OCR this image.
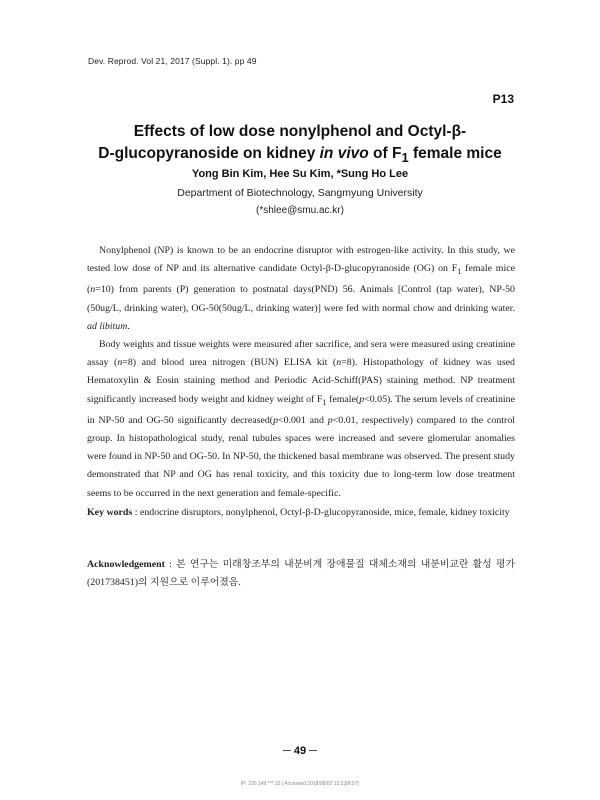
Dev. Reprod. Vol 21, 2017 (Suppl. 1). pp 49
P13
Effects of low dose nonylphenol and Octyl-β-
D-glucopyranoside on kidney in vivo of $F_1$ female mice
Yong Bin Kim, Hee Su Kim, *Sung Ho Lee
Department of Biotechnology, Sangmyung University
(*shlee@smu.ac.kr)

Nonylphenol (NP) is known to be an endocrine disruptor with estrogen-like activity. In this study, we tested low dose of NP and its alternative candidate Octyl-β-D-glucopyranoside (OG) on $F_1$ female mice (n=10) from parents (P) generation to postnatal days(PND) 56. Animals [Control (tap water), NP-50 (50ug/L, drinking water), OG-50(50ug/L, drinking water)] were fed with normal chow and drinking water. ad libitum.

Body weights and tissue weights were measured after sacrifice, and sera were measured using creatinine assay (n=8) and blood urea nitrogen (BUN) ELISA kit (n=8). Histopathology of kidney was used Hematoxylin & Eosin staining method and Periodic Acid-Schiff(PAS) staining method. NP treatment significantly increased body weight and kidney weight of $F_1$ female(p<0.05). The serum levels of creatinine in NP-50 and OG-50 significantly decreased(p<0.001 and p<0.01, respectively) compared to the control group. In histopathological study, renal tubules spaces were increased and severe glomerular anomalies were found in NP-50 and OG-50. In NP-50, the thickened basal membrane was observed. The present study demonstrated that NP and OG has renal toxicity, and this toxicity due to long-term low dose treatment seems to be occurred in the next generation and female-specific.

Key words : endocrine disruptors, nonylphenol, Octyl-β-D-glucopyranoside, mice, female, kidney toxicity
Acknowledgement : 본 연구는 미래창조부의 내분비계 장애물질 대체소재의 내분비교란 활성 평가(201738451)의 지원으로 이루어졌음.
─ 49 ─
IP: 220.149.***.10 | Accessed 2018/08/02 13:23(KST)
